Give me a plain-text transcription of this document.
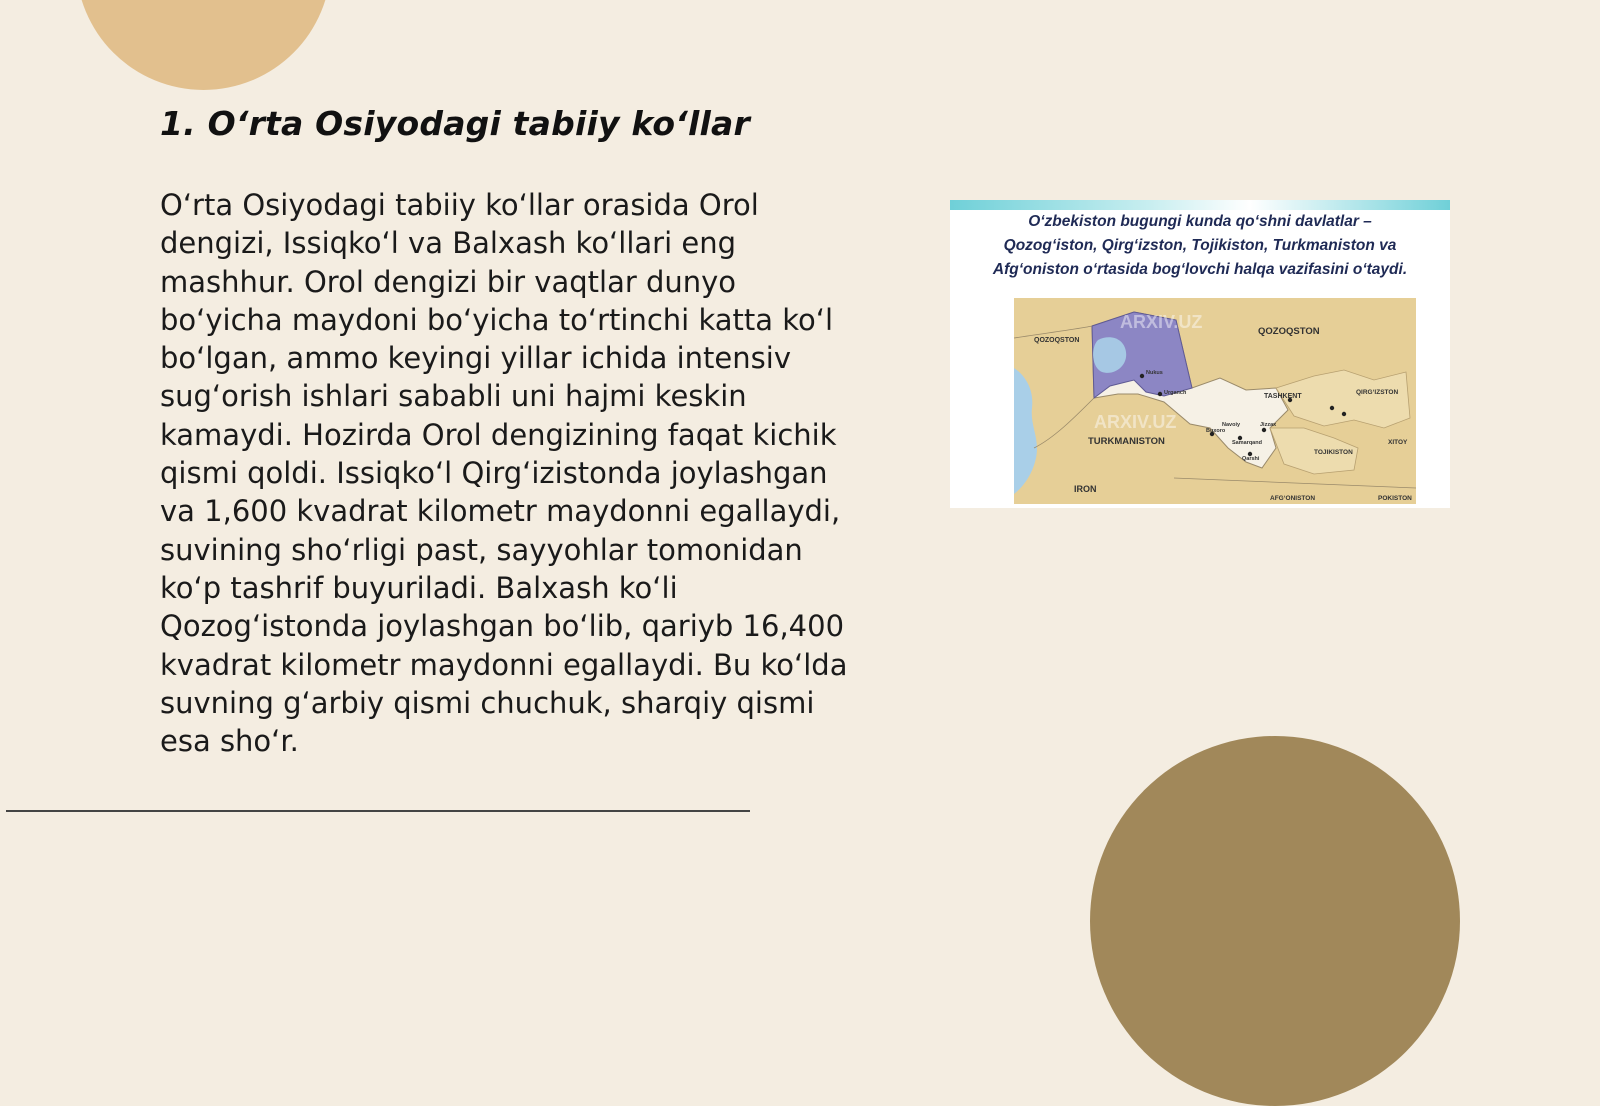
1. O‘rta Osiyodagi tabiiy ko‘llar

O‘rta Osiyodagi tabiiy ko‘llar orasida Orol dengizi, Issiqko‘l va Balxash ko‘llari eng mashhur. Orol dengizi bir vaqtlar dunyo bo‘yicha maydoni bo‘yicha to‘rtinchi katta ko‘l bo‘lgan, ammo keyingi yillar ichida intensiv sug‘orish ishlari sababli uni hajmi keskin kamaydi. Hozirda Orol dengizining faqat kichik qismi qoldi. Issiqko‘l Qirg‘izistonda joylashgan va 1,600 kvadrat kilometr maydonni egallaydi, suvining sho‘rligi past, sayyohlar tomonidan ko‘p tashrif buyuriladi. Balxash ko‘li Qozog‘istonda joylashgan bo‘lib, qariyb 16,400 kvadrat kilometr maydonni egallaydi. Bu ko‘lda suvning g‘arbiy qismi chuchuk, sharqiy qismi esa sho‘r.

O‘zbekiston bugungi kunda qo‘shni davlatlar –
Qozog‘iston, Qirg‘izston, Tojikiston, Turkmaniston va
Afg‘oniston o‘rtasida bog‘lovchi halqa vazifasini o‘taydi.
QOZOQSTON
QOZOQSTON
TURKMANISTON
IRON
TASHKENT
QIRG‘IZSTON
TOJIKISTON
XITOY
AFG‘ONISTON	POKISTON
Buxoro
Navoiy
Samarqand
Jizzax
Qarshi
Nukus
Urganch
ARXIV.UZ
ARXIV.UZ
